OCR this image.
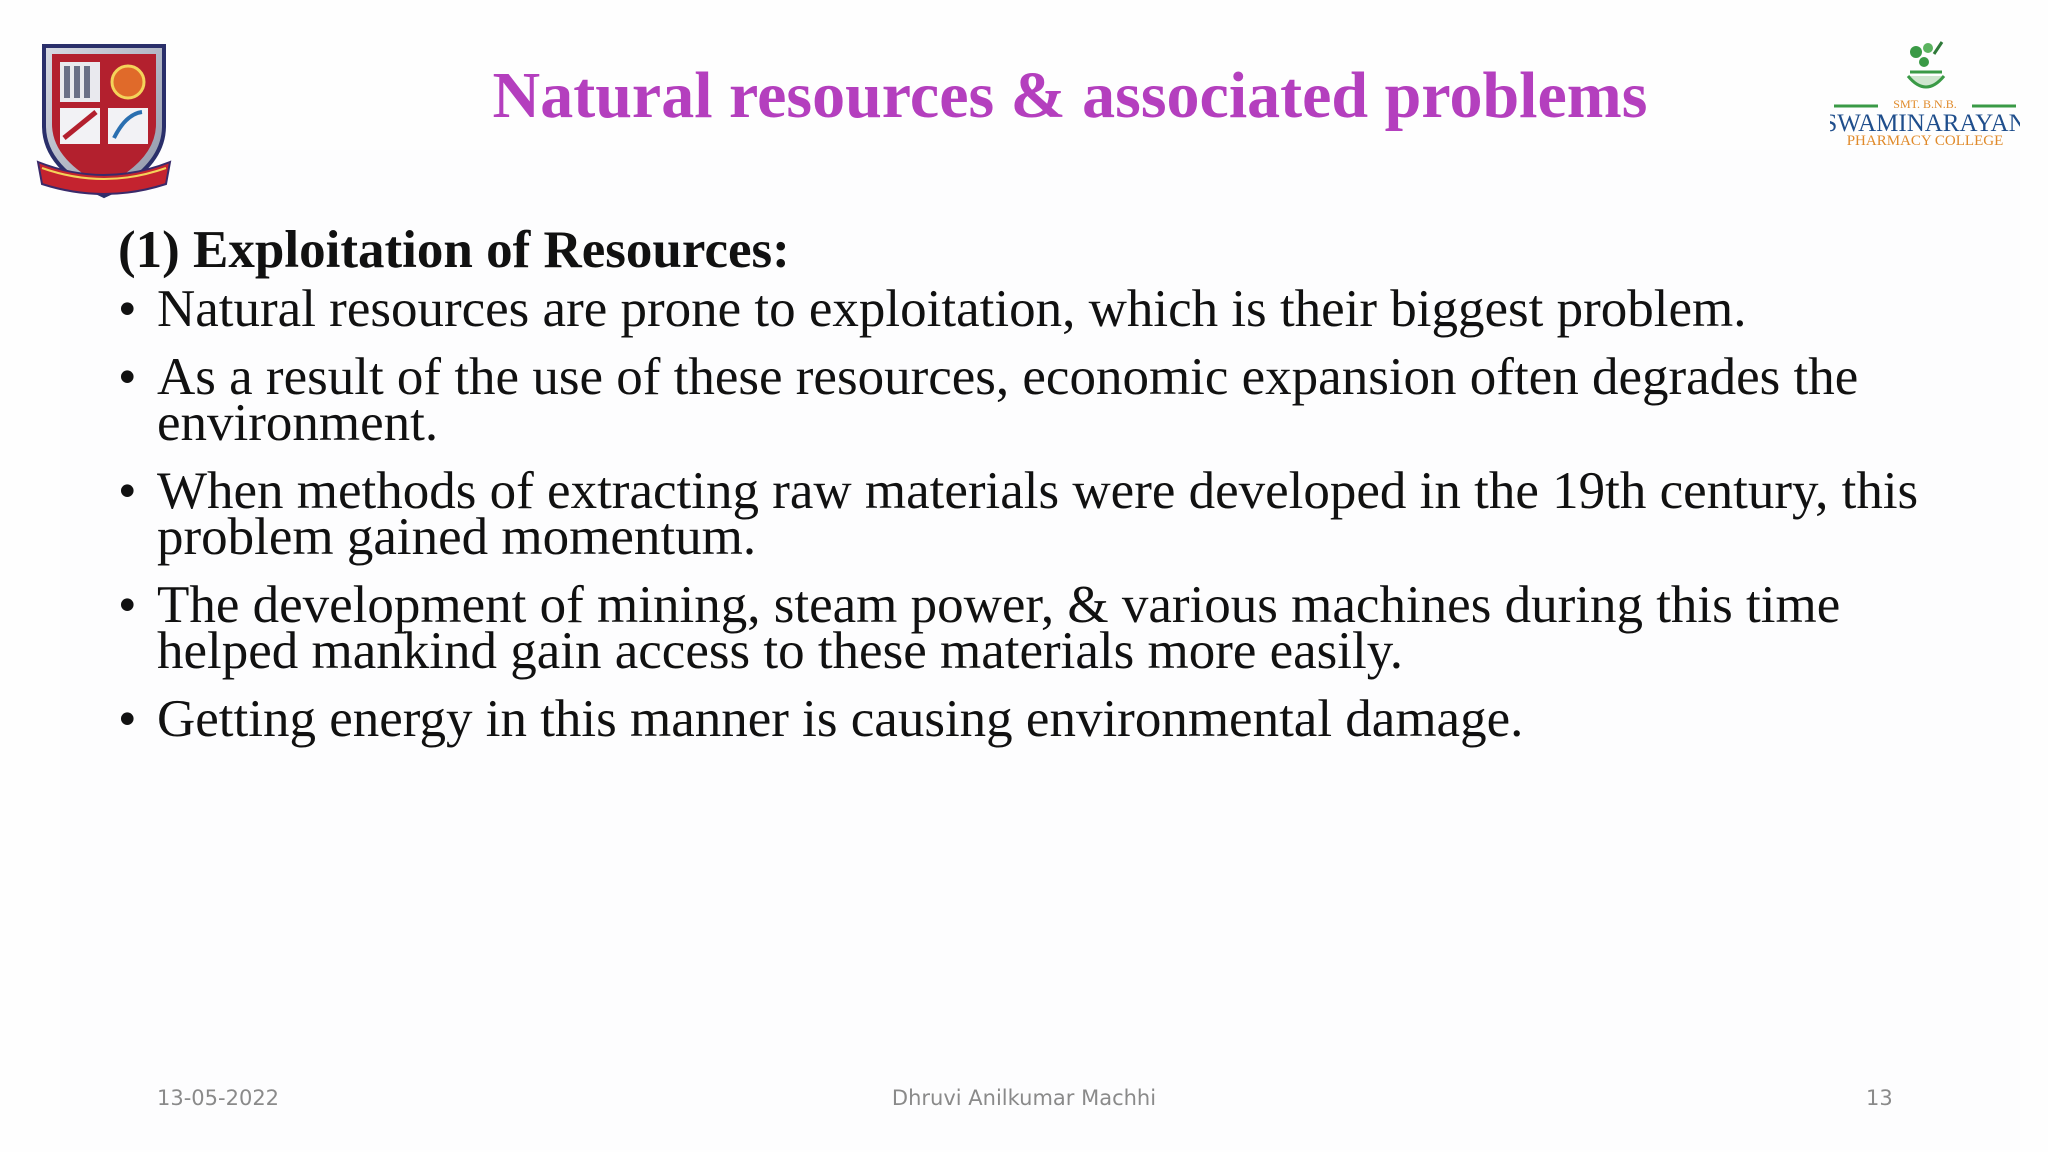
SMT. B.N.B.
SWAMINARAYAN
PHARMACY COLLEGE
Natural resources & associated problems

(1) Exploitation of Resources:

• Natural resources are prone to exploitation, which is their biggest problem.
• As a result of the use of these resources, economic expansion often degrades the environment.
• When methods of extracting raw materials were developed in the 19th century, this problem gained momentum.
• The development of mining, steam power, & various machines during this time helped mankind gain access to these materials more easily.
• Getting energy in this manner is causing environmental damage.
13-05-2022	Dhruvi Anilkumar Machhi	13
